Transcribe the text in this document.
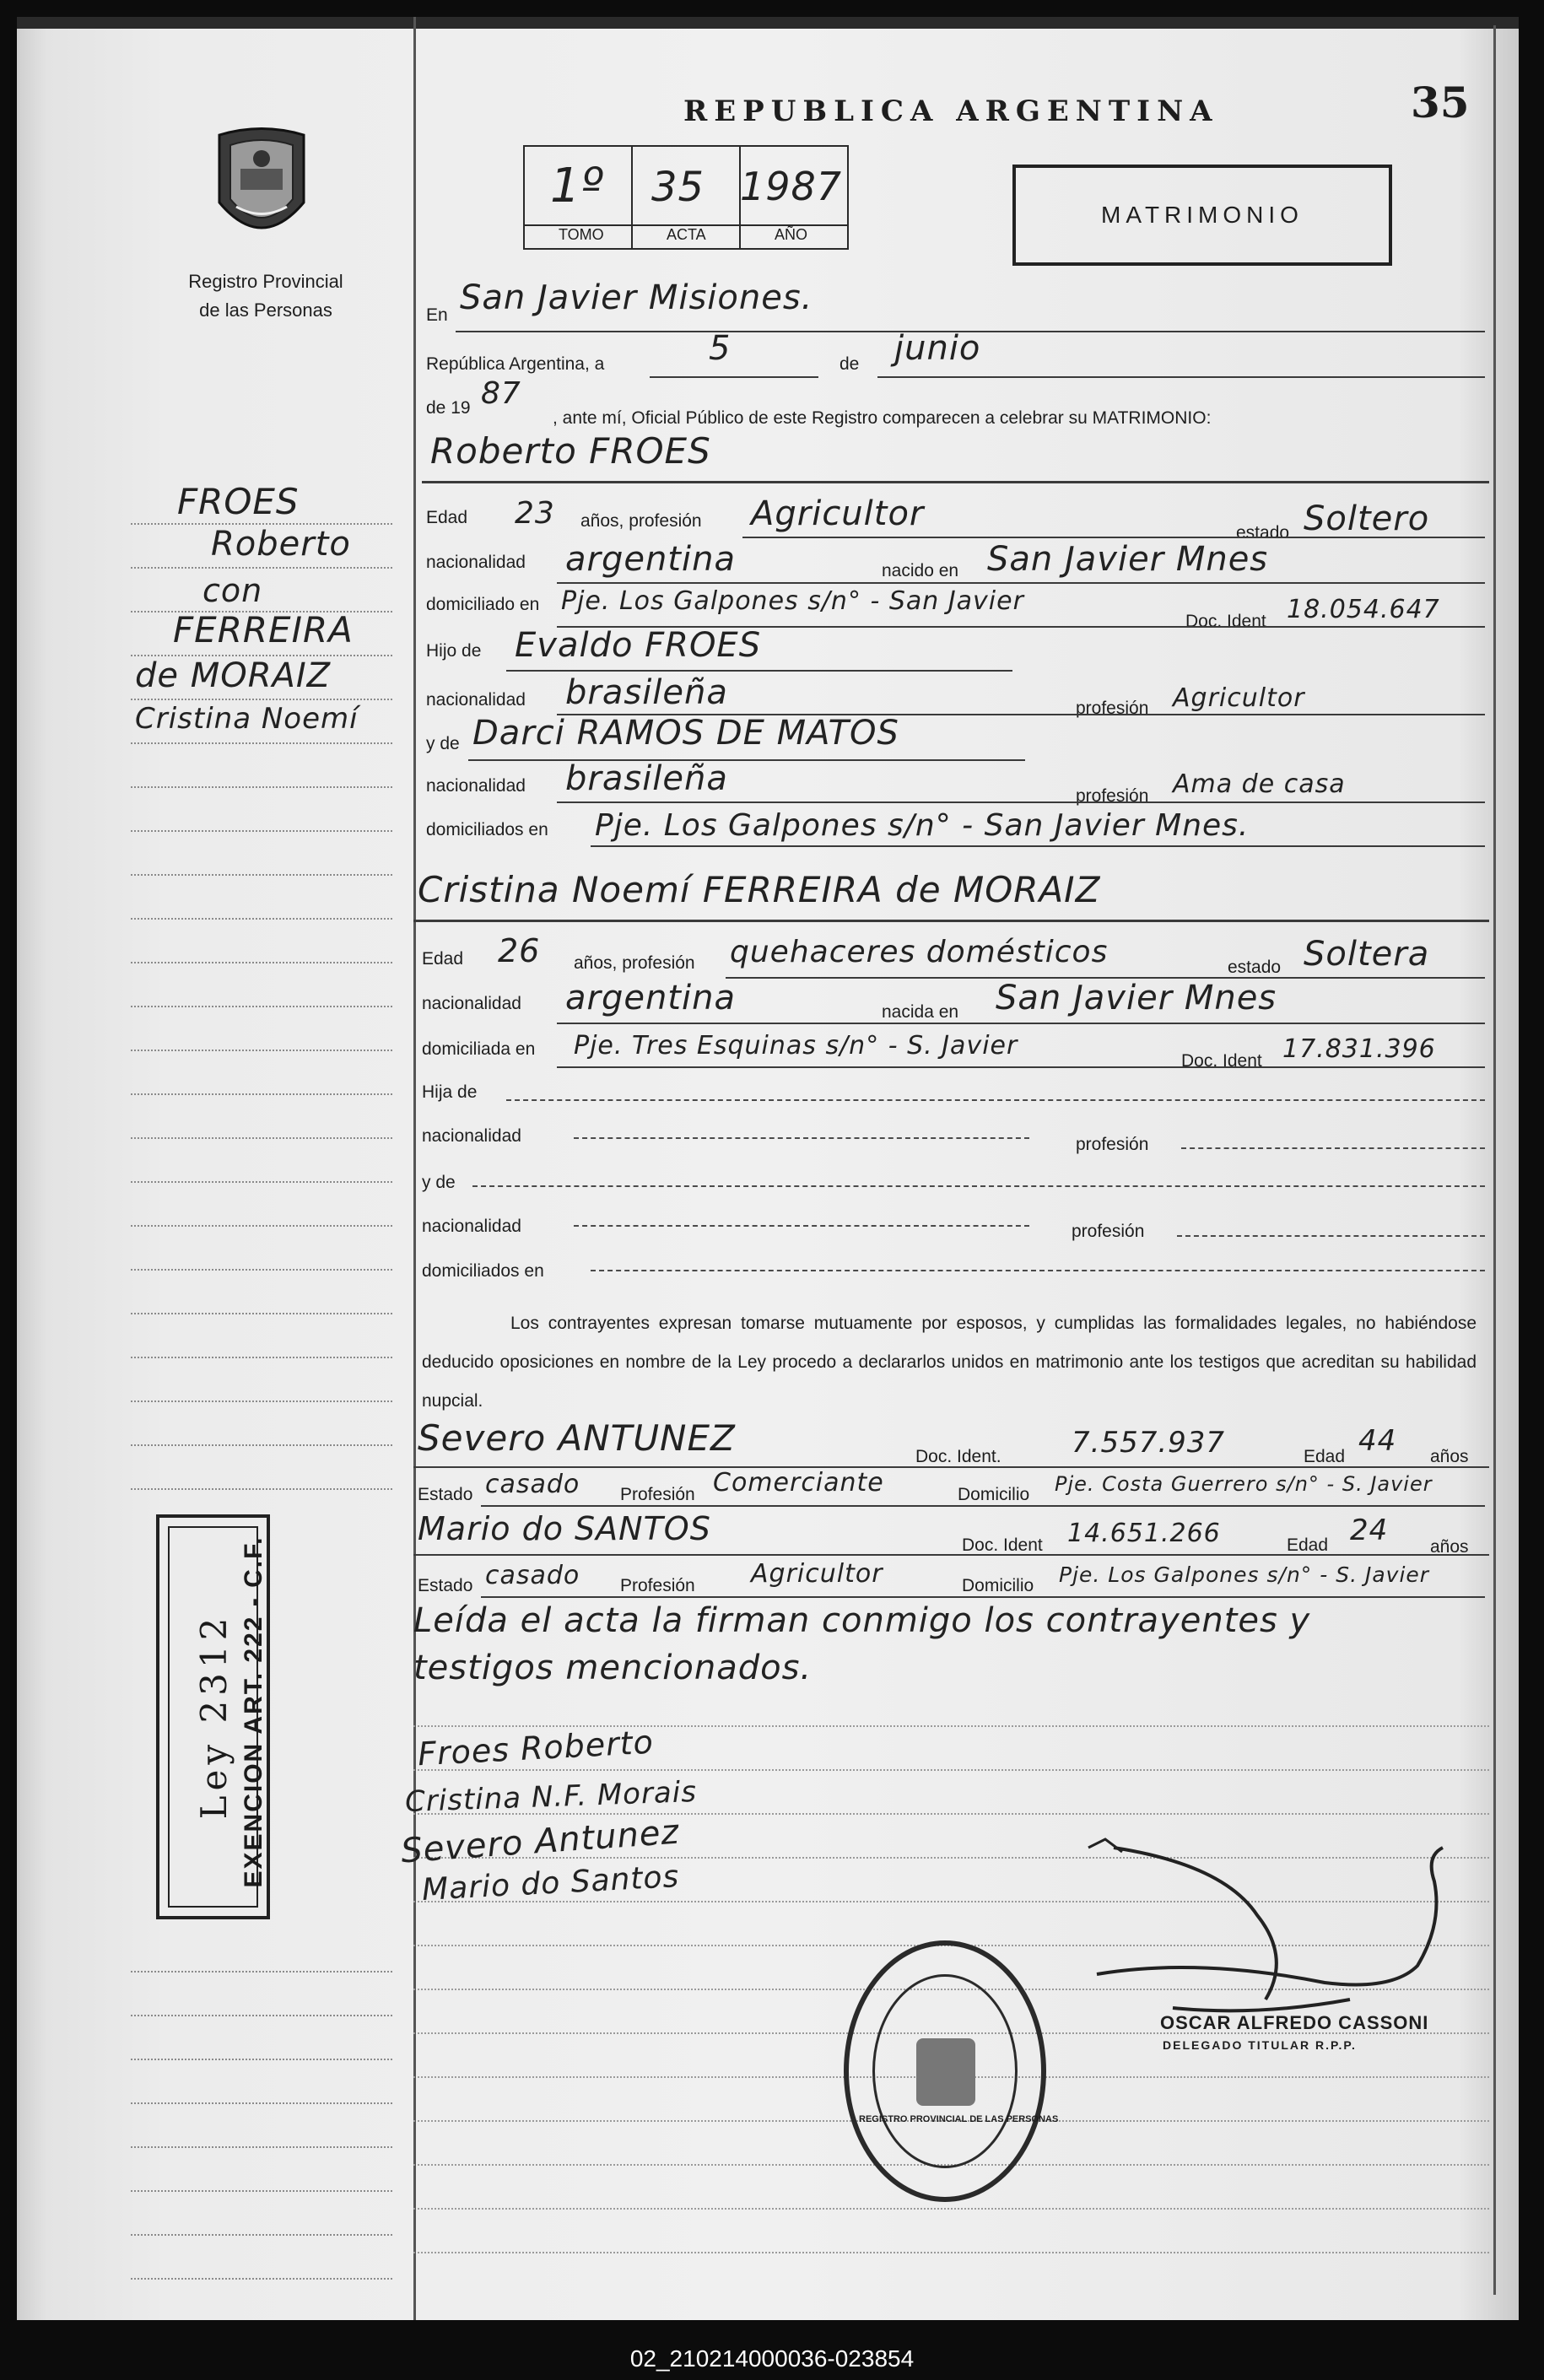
Registro Provincial
de las Personas
FROES
Roberto
con
FERREIRA
de MORAIZ
Cristina Noemí
Ley 2312 EXENCION ART. 222 - C.F.
REPUBLICA ARGENTINA	35
1º 35 1987
TOMO	ACTA	AÑO
MATRIMONIO
En San Javier Misiones.
República Argentina, a	5	de junio
de 19 87
, ante mí, Oficial Público de este Registro comparecen a celebrar su MATRIMONIO:
Roberto FROES
Edad 23 años, profesión Agricultor	estado Soltero
nacionalidad argentina	nacido en San Javier Mnes
domiciliado en Pje. Los Galpones s/n° - San Javier
Doc. Ident 18.054.647
Hijo de Evaldo FROES
nacionalidad brasileña	profesión Agricultor
y de Darci RAMOS DE MATOS
nacionalidad brasileña	profesión Ama de casa
domiciliados en Pje. Los Galpones s/n° - San Javier Mnes.
Cristina Noemí FERREIRA de MORAIZ
Edad 26 años, profesión quehaceres domésticos	estado Soltera
nacionalidad argentina	nacida en San Javier Mnes
domiciliada en Pje. Tres Esquinas s/n° - S. Javier
Doc. Ident 17.831.396
Hija de
nacionalidad	profesión
y de
nacionalidad	profesión
domiciliados en
Los contrayentes expresan tomarse mutuamente por esposos, y cumplidas las formalidades legales, no habiéndose deducido oposiciones en nombre de la Ley procedo a declararlos unidos en matrimonio ante los testigos que acreditan su habilidad nupcial.
Severo ANTUNEZ	Doc. Ident. 7.557.937	Edad 44 años
Estado casado Profesión Comerciante	Domicilio Pje. Costa Guerrero s/n° - S. Javier
Mario do SANTOS	Doc. Ident 14.651.266	Edad 24 años
Estado casado Profesión Agricultor	Domicilio Pje. Los Galpones s/n° - S. Javier
Leída el acta la firman conmigo los contrayentes y
testigos mencionados.
Froes Roberto
Cristina N.F. Morais
Severo Antunez
Mario do Santos
OSCAR ALFREDO CASSONI
DELEGADO TITULAR R.P.P.
REGISTRO PROVINCIAL DE LAS PERSONAS
02_210214000036-023854
